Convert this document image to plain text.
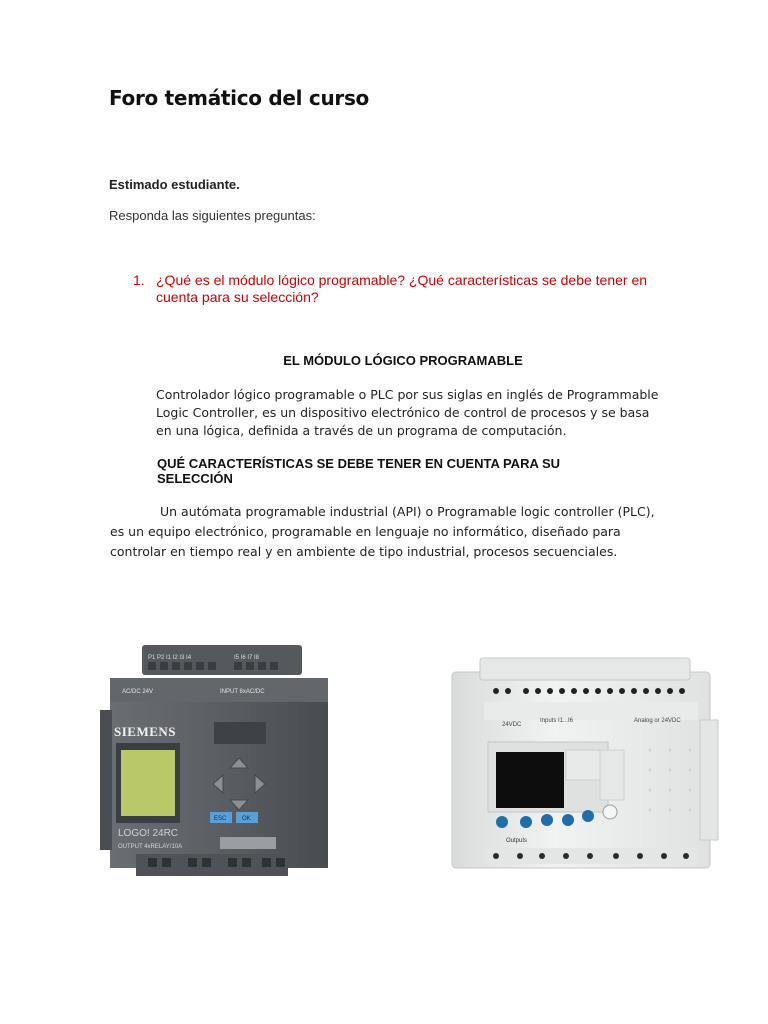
Foro temático del curso
Estimado estudiante.
Responda las siguientes preguntas:
1. ¿Qué es el módulo lógico programable? ¿Qué características se debe tener en cuenta para su selección?
EL MÓDULO LÓGICO PROGRAMABLE
Controlador lógico programable o PLC por sus siglas en inglés de Programmable Logic Controller, es un dispositivo electrónico de control de procesos y se basa en una lógica, definida a través de un programa de computación.
QUÉ CARACTERÍSTICAS SE DEBE TENER EN CUENTA PARA SU SELECCIÓN
Un autómata programable industrial (API) o Programable logic controller (PLC), es un equipo electrónico, programable en lenguaje no informático, diseñado para controlar en tiempo real y en ambiente de tipo industrial, procesos secuenciales.
P1 P2 I1 I2 I3 I4	I5 I6 I7 I8
AC/DC 24V	INPUT 8xAC/DC
SIEMENS
ESC	OK
LOGO! 24RC
OUTPUT 4xRELAY/10A
24VDC
Inputs I1...I6	Analog or 24VDC
Outputs
